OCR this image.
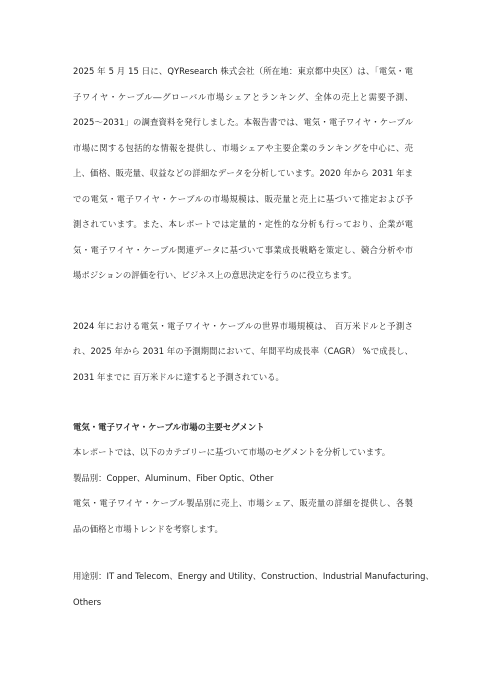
2025 年 5 月 15 日に、QYResearch 株式会社（所在地：東京都中央区）は、「電気・電
子ワイヤ・ケーブル―グローバル市場シェアとランキング、全体の売上と需要予測、
2025～2031」の調査資料を発行しました。本報告書では、電気・電子ワイヤ・ケーブル
市場に関する包括的な情報を提供し、市場シェアや主要企業のランキングを中心に、売
上、価格、販売量、収益などの詳細なデータを分析しています。2020 年から 2031 年ま
での電気・電子ワイヤ・ケーブルの市場規模は、販売量と売上に基づいて推定および予
測されています。また、本レポートでは定量的・定性的な分析も行っており、企業が電
気・電子ワイヤ・ケーブル関連データに基づいて事業成長戦略を策定し、競合分析や市
場ポジションの評価を行い、ビジネス上の意思決定を行うのに役立ちます。
2024 年における電気・電子ワイヤ・ケーブルの世界市場規模は、 百万米ドルと予測さ
れ、2025 年から 2031 年の予測期間において、年間平均成長率（CAGR） %で成長し、
2031 年までに 百万米ドルに達すると予測されている。
電気・電子ワイヤ・ケーブル市場の主要セグメント
本レポートでは、以下のカテゴリーに基づいて市場のセグメントを分析しています。
製品別：Copper、Aluminum、Fiber Optic、Other
電気・電子ワイヤ・ケーブル製品別に売上、市場シェア、販売量の詳細を提供し、各製
品の価格と市場トレンドを考察します。
用途別：IT and Telecom、Energy and Utility、Construction、Industrial Manufacturing、
Others
